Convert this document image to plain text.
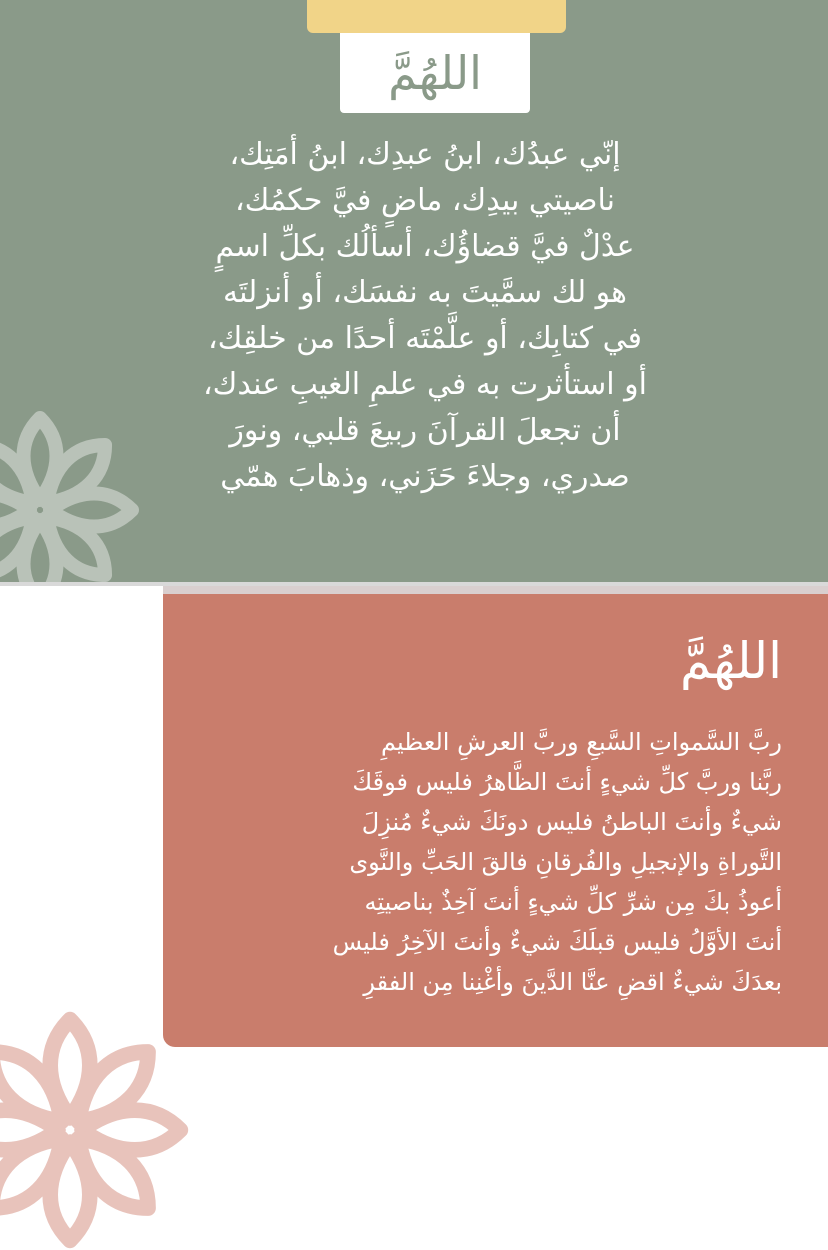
اللهُمَّ
إنّي عبدُك، ابنُ عبدِك، ابنُ أمَتِك،
ناصيتي بيدِك، ماضٍ فيَّ حكمُك،
عدْلٌ فيَّ قضاؤُك، أسألُك بكلِّ اسمٍ
هو لك سمَّيتَ به نفسَك، أو أنزلتَه
في كتابِك، أو علَّمْتَه أحدًا من خلقِك،
أو استأثرت به في علمِ الغيبِ عندك،
أن تجعلَ القرآنَ ربيعَ قلبي، ونورَ
صدري، وجلاءَ حَزَني، وذهابَ همّي
اللهُمَّ
ربَّ السَّمواتِ السَّبعِ وربَّ العرشِ العظيمِ
ربَّنا وربَّ كلِّ شيءٍ أنتَ الظَّاهرُ فليس فوقَكَ
شيءٌ وأنتَ الباطنُ فليس دونَكَ شيءٌ مُنزِلَ
التَّوراةِ والإنجيلِ والفُرقانِ فالقَ الحَبِّ والنَّوى
أعوذُ بكَ مِن شرِّ كلِّ شيءٍ أنتَ آخِذٌ بناصيتِه
أنتَ الأوَّلُ فليس قبلَكَ شيءٌ وأنتَ الآخِرُ فليس
بعدَكَ شيءٌ اقضِ عنَّا الدَّينَ وأغْنِنا مِن الفقرِ
